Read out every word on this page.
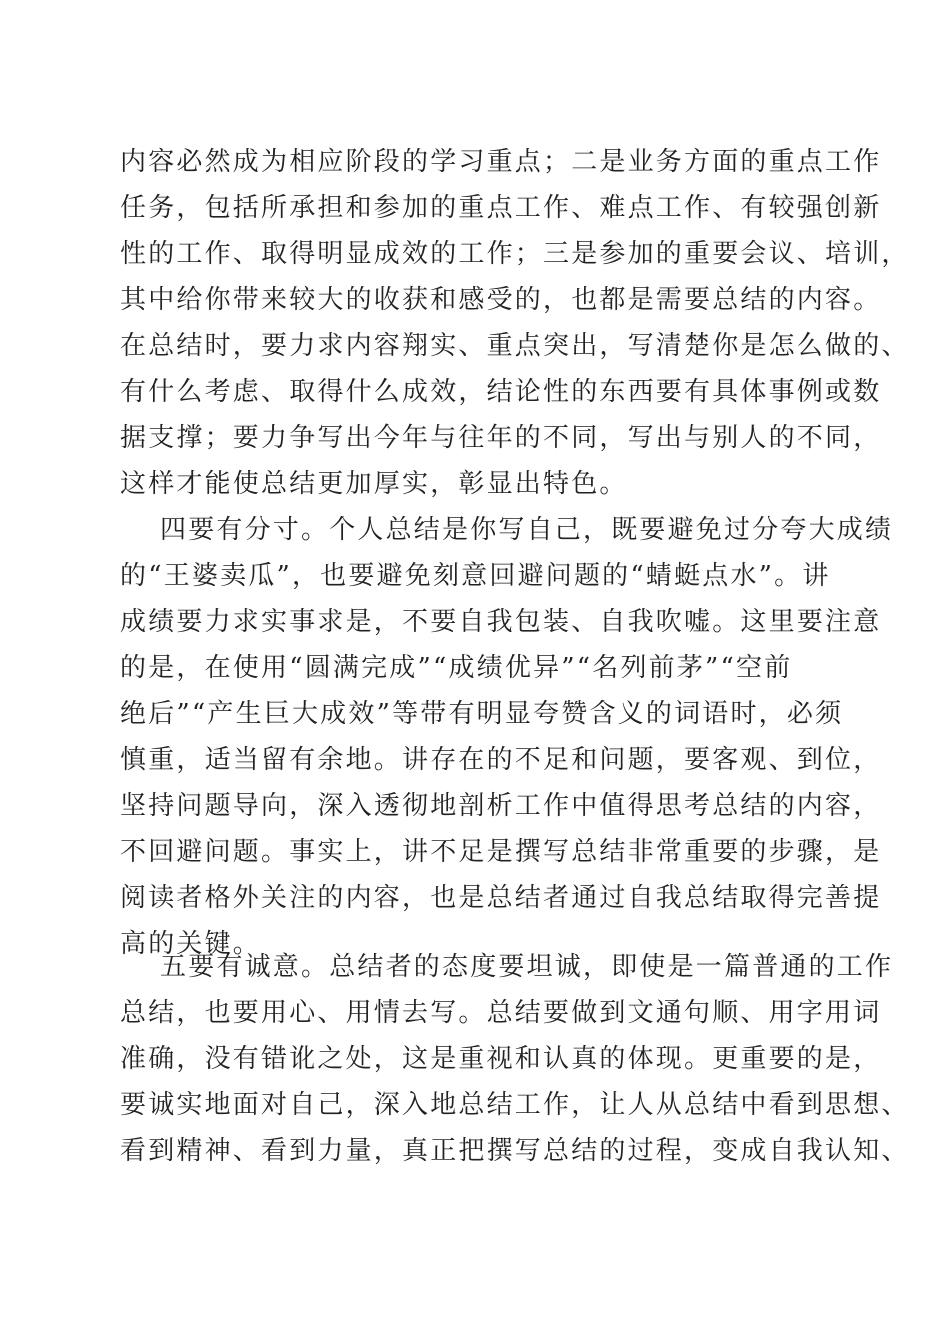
内容必然成为相应阶段的学习重点；二是业务方面的重点工作
任务，包括所承担和参加的重点工作、难点工作、有较强创新
性的工作、取得明显成效的工作；三是参加的重要会议、培训，
其中给你带来较大的收获和感受的，也都是需要总结的内容。
在总结时，要力求内容翔实、重点突出，写清楚你是怎么做的、
有什么考虑、取得什么成效，结论性的东西要有具体事例或数
据支撑；要力争写出今年与往年的不同，写出与别人的不同，
这样才能使总结更加厚实，彰显出特色。
四要有分寸。个人总结是你写自己，既要避免过分夸大成绩
的“王婆卖瓜”，也要避免刻意回避问题的“蜻蜓点水”。讲
成绩要力求实事求是，不要自我包装、自我吹嘘。这里要注意
的是，在使用“圆满完成”“成绩优异”“名列前茅”“空前
绝后”“产生巨大成效”等带有明显夸赞含义的词语时，必须
慎重，适当留有余地。讲存在的不足和问题，要客观、到位，
坚持问题导向，深入透彻地剖析工作中值得思考总结的内容，
不回避问题。事实上，讲不足是撰写总结非常重要的步骤，是
阅读者格外关注的内容，也是总结者通过自我总结取得完善提
高的关键。
五要有诚意。总结者的态度要坦诚，即使是一篇普通的工作
总结，也要用心、用情去写。总结要做到文通句顺、用字用词
准确，没有错讹之处，这是重视和认真的体现。更重要的是，
要诚实地面对自己，深入地总结工作，让人从总结中看到思想、
看到精神、看到力量，真正把撰写总结的过程，变成自我认知、
